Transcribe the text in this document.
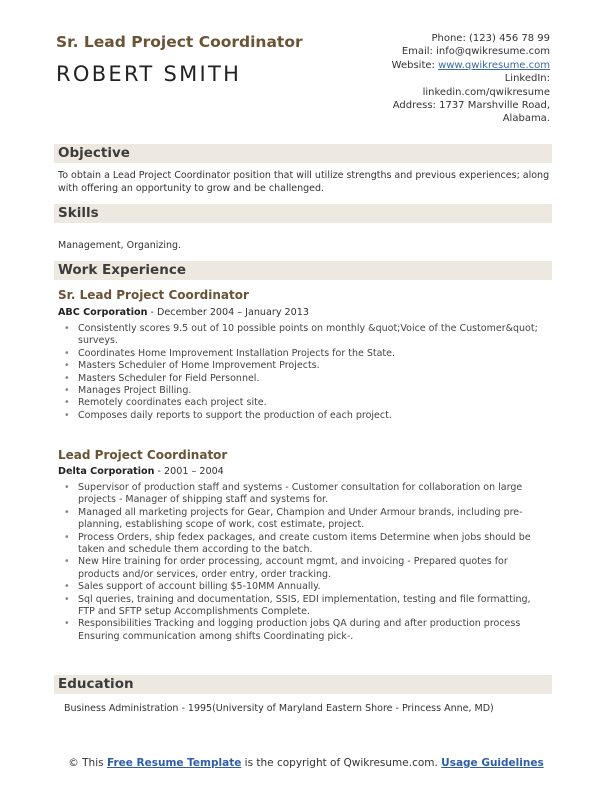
Sr. Lead Project Coordinator
ROBERT SMITH
Phone: (123) 456 78 99
Email: info@qwikresume.com
Website: www.qwikresume.com
LinkedIn:
linkedin.com/qwikresume
Address: 1737 Marshville Road,
Alabama.
Objective
To obtain a Lead Project Coordinator position that will utilize strengths and previous experiences; along with offering an opportunity to grow and be challenged.
Skills
Management, Organizing.
Work Experience
Sr. Lead Project Coordinator
ABC Corporation - December 2004 – January 2013
• Consistently scores 9.5 out of 10 possible points on monthly &quot;Voice of the Customer&quot; surveys.
• Coordinates Home Improvement Installation Projects for the State.
• Masters Scheduler of Home Improvement Projects.
• Masters Scheduler for Field Personnel.
• Manages Project Billing.
• Remotely coordinates each project site.
• Composes daily reports to support the production of each project.
Lead Project Coordinator
Delta Corporation - 2001 – 2004
• Supervisor of production staff and systems - Customer consultation for collaboration on large projects - Manager of shipping staff and systems for.
• Managed all marketing projects for Gear, Champion and Under Armour brands, including pre-planning, establishing scope of work, cost estimate, project.
• Process Orders, ship fedex packages, and create custom items Determine when jobs should be taken and schedule them according to the batch.
• New Hire training for order processing, account mgmt, and invoicing - Prepared quotes for products and/or services, order entry, order tracking.
• Sales support of account billing $5-10MM Annually.
• Sql queries, training and documentation, SSIS, EDI implementation, testing and file formatting, FTP and SFTP setup Accomplishments Complete.
• Responsibilities Tracking and logging production jobs QA during and after production process Ensuring communication among shifts Coordinating pick-.
Education
Business Administration - 1995(University of Maryland Eastern Shore - Princess Anne, MD)
© This Free Resume Template is the copyright of Qwikresume.com. Usage Guidelines
